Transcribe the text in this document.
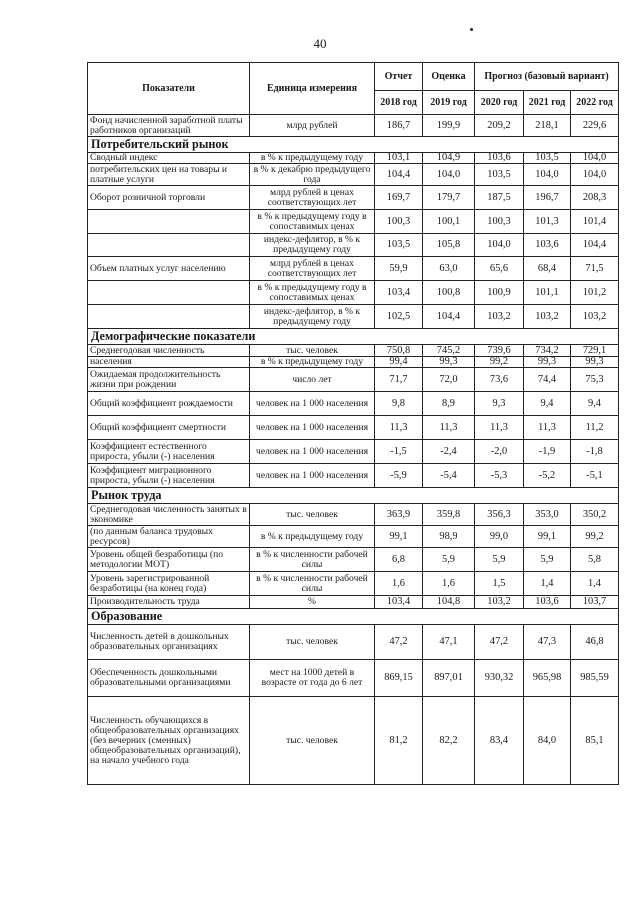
40
Показатели	Единица измерения	Отчет	Оценка	Прогноз (базовый вариант)		
		2018 год	2019 год	2020 год	2021 год	2022 год
Фонд начисленной заработной платы работников организаций	млрд рублей	186,7	199,9	209,2	218,1	229,6
Потребительский рынок						
Сводный индекс	в % к предыдущему году	103,1	104,9	103,6	103,5	104,0
потребительских цен на товары и платные услуги	в % к декабрю предыдущего года	104,4	104,0	103,5	104,0	104,0
Оборот розничной торговли	млрд рублей в ценах соответствующих лет	169,7	179,7	187,5	196,7	208,3
	в % к предыдущему году в сопоставимых ценах	100,3	100,1	100,3	101,3	101,4
	индекс-дефлятор, в % к предыдущему году	103,5	105,8	104,0	103,6	104,4
Объем платных услуг населению	млрд рублей в ценах соответствующих лет	59,9	63,0	65,6	68,4	71,5
	в % к предыдущему году в сопоставимых ценах	103,4	100,8	100,9	101,1	101,2
	индекс-дефлятор, в % к предыдущему году	102,5	104,4	103,2	103,2	103,2
Демографические показатели						
Среднегодовая численность	тыс. человек	750,8	745,2	739,6	734,2	729,1
населения	в % к предыдущему году	99,4	99,3	99,2	99,3	99,3
Ожидаемая продолжительность жизни при рождении	число лет	71,7	72,0	73,6	74,4	75,3
Общий коэффициент рождаемости	человек на 1 000 населения	9,8	8,9	9,3	9,4	9,4
Общий коэффициент смертности	человек на 1 000 населения	11,3	11,3	11,3	11,3	11,2
Коэффициент естественного прироста, убыли (-) населения	человек на 1 000 населения	-1,5	-2,4	-2,0	-1,9	-1,8
Коэффициент миграционного прироста, убыли (-) населения	человек на 1 000 населения	-5,9	-5,4	-5,3	-5,2	-5,1
Рынок труда						
Среднегодовая численность занятых в экономике	тыс. человек	363,9	359,8	356,3	353,0	350,2
(по данным баланса трудовых ресурсов)	в % к предыдущему году	99,1	98,9	99,0	99,1	99,2
Уровень общей безработицы (по методологии МОТ)	в % к численности рабочей силы	6,8	5,9	5,9	5,9	5,8
Уровень зарегистрированной безработицы (на конец года)	в % к численности рабочей силы	1,6	1,6	1,5	1,4	1,4
Производительность труда	%	103,4	104,8	103,2	103,6	103,7
Образование						
Численность детей в дошкольных образовательных организациях	тыс. человек	47,2	47,1	47,2	47,3	46,8
Обеспеченность дошкольными образовательными организациями	мест на 1000 детей в возрасте от года до 6 лет	869,15	897,01	930,32	965,98	985,59
Численность обучающихся в общеобразовательных организациях (без вечерних (сменных) общеобразовательных организаций), на начало учебного года	тыс. человек	81,2	82,2	83,4	84,0	85,1
